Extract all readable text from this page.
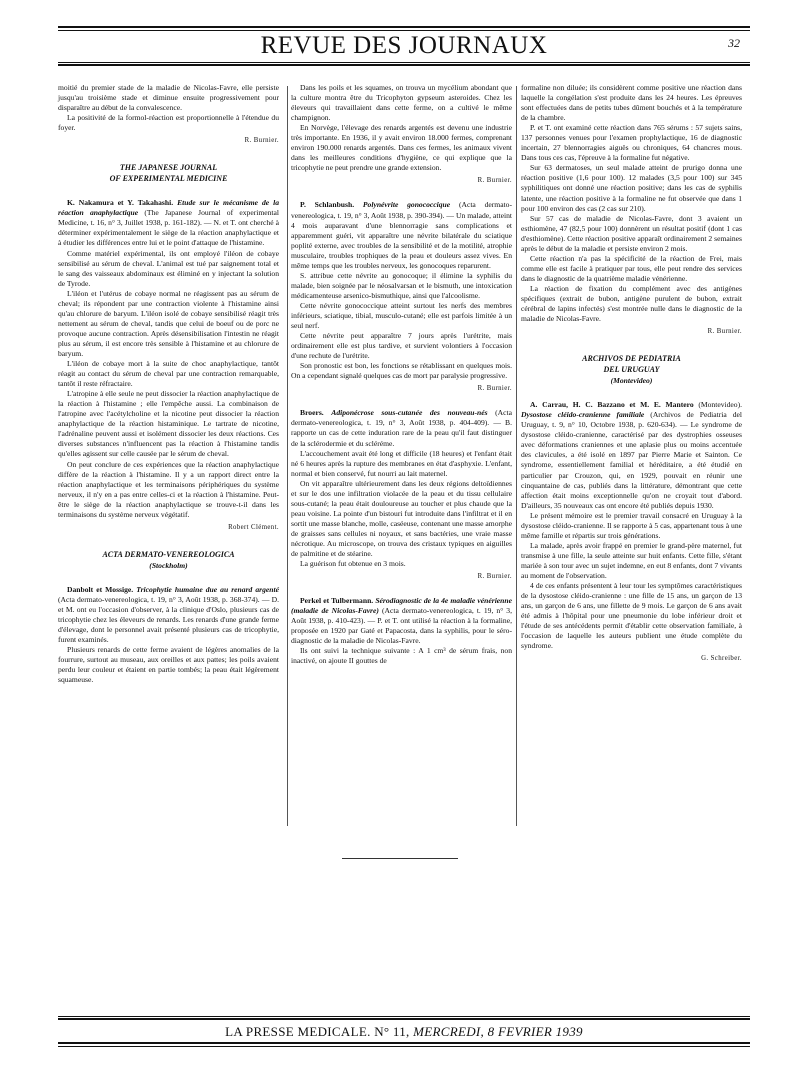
REVUE DES JOURNAUX	32

moitié du premier stade de la maladie de Nicolas-Favre, elle persiste jusqu'au troisième stade et diminue ensuite progressivement pour disparaître au début de la convalescence.

La positivité de la formol-réaction est proportionnelle à l'étendue du foyer.

R. Burnier.
THE JAPANESE JOURNAL
OF EXPERIMENTAL MEDICINE

K. Nakamura et Y. Takahashi. Etude sur le mécanisme de la réaction anaphylactique (The Japanese Journal of experimental Medicine, t. 16, n° 3, Juillet 1938, p. 161-182). — N. et T. ont cherché à déterminer expérimentalement le siège de la réaction anaphylactique et à étudier les différences entre lui et le point d'attaque de l'histamine.

Comme matériel expérimental, ils ont employé l'iléon de cobaye sensibilisé au sérum de cheval. L'animal est tué par saignement total et le sang des vaisseaux abdominaux est éliminé en y injectant la solution de Tyrode.

L'iléon et l'utérus de cobaye normal ne réagissent pas au sérum de cheval; ils répondent par une contraction violente à l'histamine ainsi qu'au chlorure de baryum. L'iléon isolé de cobaye sensibilisé réagit très nettement au sérum de cheval, tandis que celui de boeuf ou de porc ne provoque aucune contraction. Après désensibilisation l'intestin ne réagit plus au sérum, il est encore très sensible à l'histamine et au chlorure de baryum.

L'iléon de cobaye mort à la suite de choc anaphylactique, tantôt réagit au contact du sérum de cheval par une contraction remarquable, tantôt il reste réfractaire.

L'atropine à elle seule ne peut dissocier la réaction anaphylactique de la réaction à l'histamine ; elle l'empêche aussi. La combinaison de l'atropine avec l'acétylcholine et la nicotine peut dissocier la réaction anaphylactique de la réaction histaminique. Le tartrate de nicotine, l'adrénaline peuvent aussi et isolément dissocier les deux réactions. Ces diverses substances n'influencent pas la réaction à l'histamine tandis qu'elles agissent sur celle causée par le sérum de cheval.

On peut conclure de ces expériences que la réaction anaphylactique diffère de la réaction à l'histamine. Il y a un rapport direct entre la réaction anaphylactique et les terminaisons périphériques du système nerveux, il n'y en a pas entre celles-ci et la réaction à l'histamine. Peut-être le siège de la réaction anaphylactique se trouve-t-il dans les terminaisons du système nerveux végétatif.

Robert Clément.
ACTA DERMATO-VENEREOLOGICA
(Stockholm)

Danbolt et Mossige. Tricophytie humaine due au renard argenté (Acta dermato-venereologica, t. 19, n° 3, Août 1938, p. 368-374). — D. et M. ont eu l'occasion d'observer, à la clinique d'Oslo, plusieurs cas de tricophytie chez les éleveurs de renards. Les renards d'une grande ferme d'élevage, dont le personnel avait présenté plusieurs cas de tricophytie, furent examinés.

Plusieurs renards de cette ferme avaient de légères anomalies de la fourrure, surtout au museau, aux oreilles et aux pattes; les poils avaient perdu leur couleur et étaient en partie tombés; la peau était légèrement squameuse.

Dans les poils et les squames, on trouva un mycélium abondant que la culture montra être du Tricophyton gypseum asteroides. Chez les éleveurs qui travaillaient dans cette ferme, on a cultivé le même champignon.

En Norvège, l'élevage des renards argentés est devenu une industrie très importante. En 1936, il y avait environ 18.000 fermes, comprenant environ 190.000 renards argentés. Dans ces fermes, les animaux vivent dans les meilleures conditions d'hygiène, ce qui explique que la tricophytie ne peut prendre une grande extension.

R. Burnier.

P. Schlanbush. Polynévrite gonococcique (Acta dermato-venereologica, t. 19, n° 3, Août 1938, p. 390-394). — Un malade, atteint 4 mois auparavant d'une blennorragie sans complications et apparemment guéri, vit apparaître une névrite bilatérale du sciatique poplité externe, avec troubles de la sensibilité et de la motilité, atrophie musculaire, troubles trophiques de la peau et douleurs assez vives. En même temps que les troubles nerveux, les gonocoques reparurent.

S. attribue cette névrite au gonocoque; il élimine la syphilis du malade, bien soignée par le néosalvarsan et le bismuth, une intoxication médicamenteuse arsenico-bismuthique, ainsi que l'alcoolisme.

Cette névrite gonococcique atteint surtout les nerfs des membres inférieurs, sciatique, tibial, musculo-cutané; elle est parfois limitée à un seul nerf.

Cette névrite peut apparaître 7 jours après l'urétrite, mais ordinairement elle est plus tardive, et survient volontiers à l'occasion d'une rechute de l'urétrite.

Son pronostic est bon, les fonctions se rétablissant en quelques mois. On a cependant signalé quelques cas de mort par paralysie progressive.

R. Burnier.

Broers. Adiponécrose sous-cutanée des nouveau-nés (Acta dermato-venereologica, t. 19, n° 3, Août 1938, p. 404-409). — B. rapporte un cas de cette induration rare de la peau qu'il faut distinguer de la sclérodermie et du scléréme.

L'accouchement avait été long et difficile (18 heures) et l'enfant était né 6 heures après la rupture des membranes en état d'asphyxie. L'enfant, normal et bien conservé, fut nourri au lait maternel.

On vit apparaître ultérieurement dans les deux régions deltoïdiennes et sur le dos une infiltration violacée de la peau et du tissu cellulaire sous-cutané; la peau était douloureuse au toucher et plus chaude que la peau voisine. La pointe d'un bistouri fut introduite dans l'infiltrat et il en sortit une masse blanche, molle, caséeuse, contenant une masse amorphe de graisses sans cellules ni noyaux, et sans bactéries, une vraie masse nécrotique. Au microscope, on trouva des cristaux typiques en aiguilles de palmitine et de stéarine.

La guérison fut obtenue en 3 mois.

R. Burnier.

Perkel et Tulbermann. Sérodiagnostic de la 4e maladie vénérienne (maladie de Nicolas-Favre) (Acta dermato-venereologica, t. 19, n° 3, Août 1938, p. 410-423). — P. et T. ont utilisé la réaction à la formaline, proposée en 1920 par Gaté et Papacosta, dans la syphilis, pour le séro-diagnostic de la maladie de Nicolas-Favre.

Ils ont suivi la technique suivante : A 1 cm³ de sérum frais, non inactivé, on ajoute II gouttes de

formaline non diluée; ils considèrent comme positive une réaction dans laquelle la congélation s'est produite dans les 24 heures. Les épreuves sont effectuées dans de petits tubes dûment bouchés et à la température de la chambre.

P. et T. ont examiné cette réaction dans 765 sérums : 57 sujets sains, 137 personnes venues pour l'examen prophylactique, 16 de diagnostic incertain, 27 blennorragies aiguës ou chroniques, 64 chancres mous. Dans tous ces cas, l'épreuve à la formaline fut négative.

Sur 63 dermatoses, un seul malade atteint de prurigo donna une réaction positive (1,6 pour 100). 12 malades (3,5 pour 100) sur 345 syphilitiques ont donné une réaction positive; dans les cas de syphilis latente, une réaction positive à la formaline ne fut observée que dans 1 pour 100 environ des cas (2 cas sur 210).

Sur 57 cas de maladie de Nicolas-Favre, dont 3 avaient un esthiomène, 47 (82,5 pour 100) donnèrent un résultat positif (dont 1 cas d'esthiomène). Cette réaction positive apparaît ordinairement 2 semaines après le début de la maladie et persiste environ 2 mois.

Cette réaction n'a pas la spécificité de la réaction de Frei, mais comme elle est facile à pratiquer par tous, elle peut rendre des services dans le diagnostic de la quatrième maladie vénérienne.

La réaction de fixation du complément avec des antigènes spécifiques (extrait de bubon, antigène purulent de bubon, extrait cérébral de lapins infectés) s'est montrée nulle dans le diagnostic de la maladie de Nicolas-Favre.

R. Burnier.
ARCHIVOS DE PEDIATRIA
DEL URUGUAY
(Montevideo)

A. Carrau, H. C. Bazzano et M. E. Mantero (Montevideo). Dysostose cléido-cranienne familiale (Archivos de Pediatria del Uruguay, t. 9, n° 10, Octobre 1938, p. 620-634). — Le syndrome de dysostose cléido-cranienne, caractérisé par des dystrophies osseuses avec déformations craniennes et une aplasie plus ou moins accentuée des clavicules, a été isolé en 1897 par Pierre Marie et Sainton. Ce syndrome, essentiellement familial et héréditaire, a été étudié en particulier par Crouzon, qui, en 1929, pouvait en réunir une cinquantaine de cas, publiés dans la littérature, démontrant que cette affection était moins exceptionnelle qu'on ne croyait tout d'abord. D'ailleurs, 35 nouveaux cas ont encore été publiés depuis 1930.

Le présent mémoire est le premier travail consacré en Uruguay à la dysostose cléido-cranienne. Il se rapporte à 5 cas, appartenant tous à une même famille et répartis sur trois générations.

La malade, après avoir frappé en premier le grand-père maternel, fut transmise à une fille, la seule atteinte sur huit enfants. Cette fille, s'étant mariée à son tour avec un sujet indemne, en eut 8 enfants, dont 7 vivants au moment de l'observation.

4 de ces enfants présentent à leur tour les symptômes caractéristiques de la dysostose cléido-cranienne : une fille de 15 ans, un garçon de 13 ans, un garçon de 6 ans, une fillette de 9 mois. Le garçon de 6 ans avait été admis à l'hôpital pour une pneumonie du lobe inférieur droit et l'étude de ses antécédents permit d'établir cette observation familiale, à l'occasion de laquelle les auteurs publient une étude complète du syndrome.

G. Schreiber.
LA PRESSE MEDICALE. N° 11, MERCREDI, 8 FEVRIER 1939
